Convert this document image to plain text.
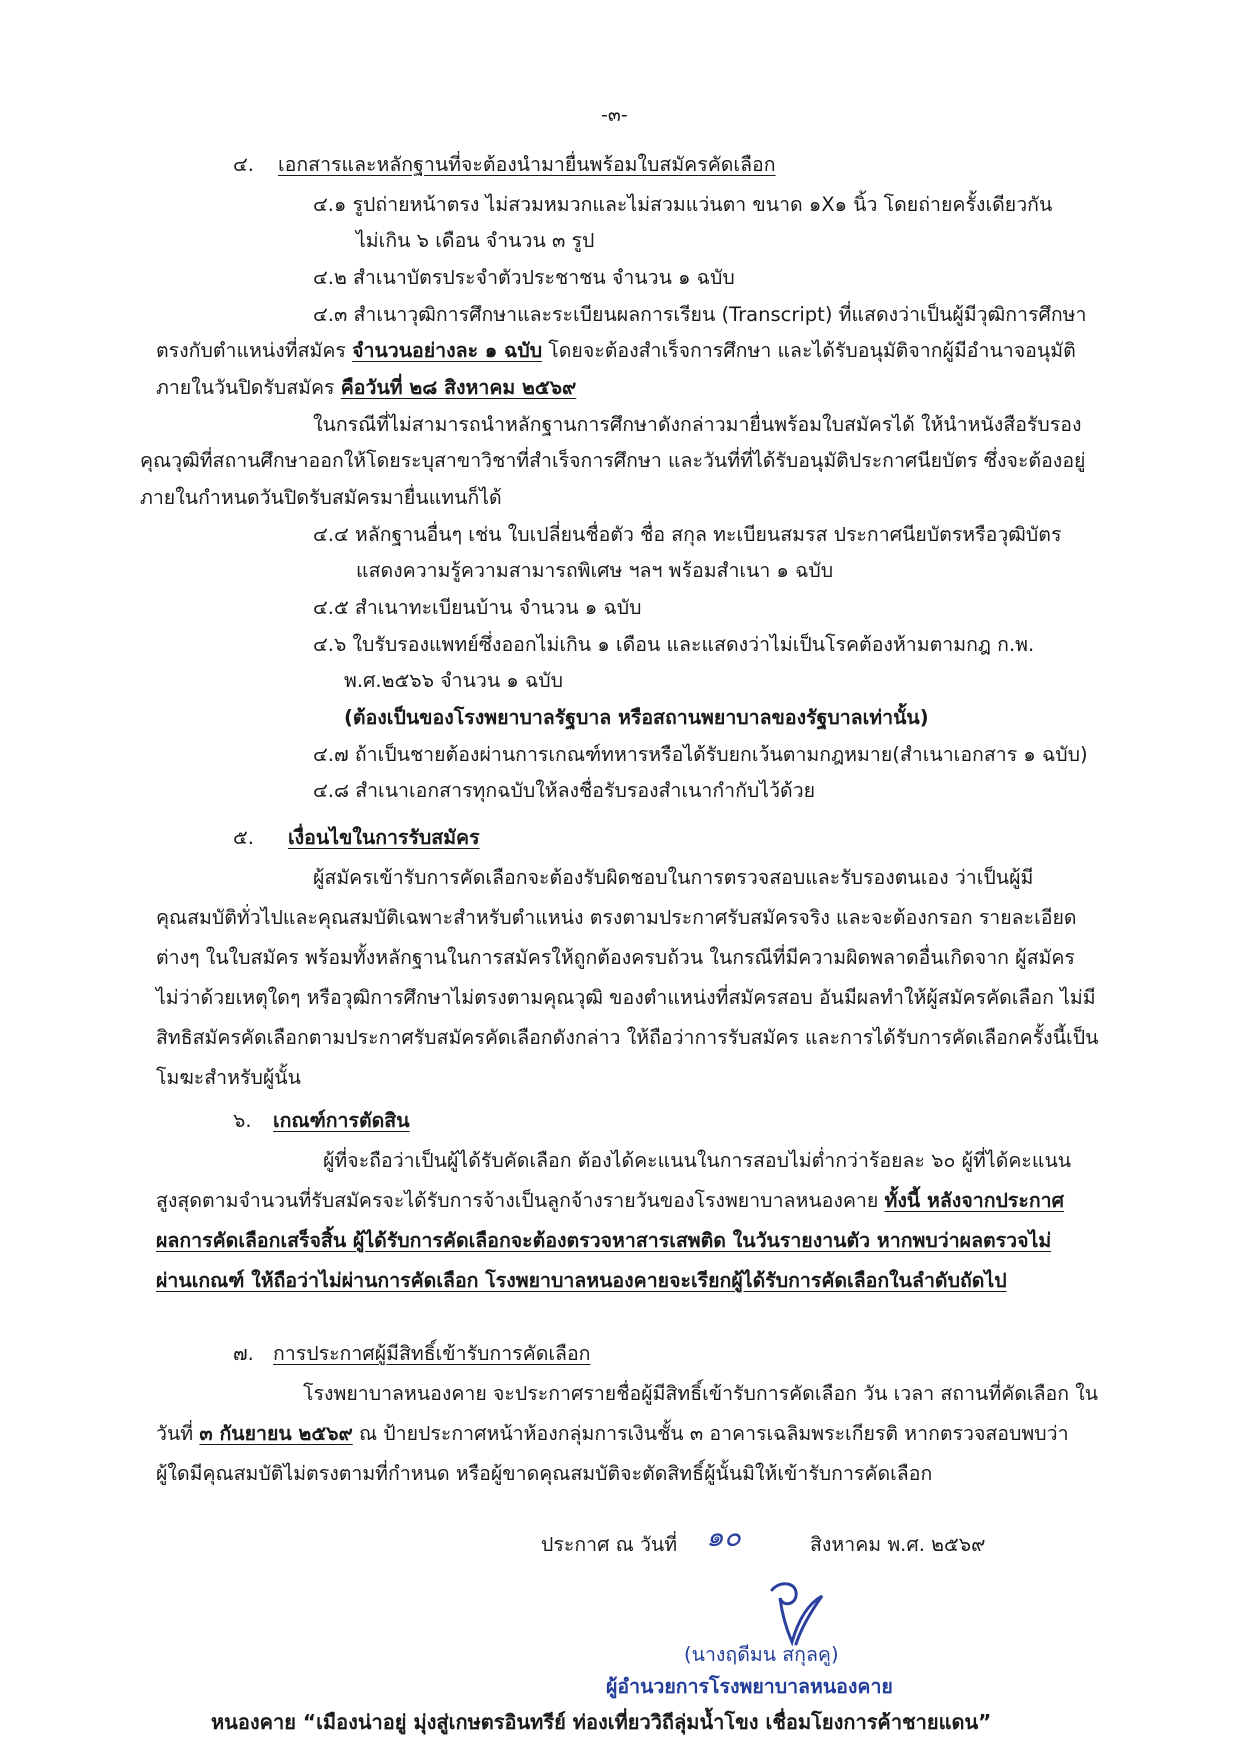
-๓-
๔. เอกสารและหลักฐานที่จะต้องนำมายื่นพร้อมใบสมัครคัดเลือก
๔.๑ รูปถ่ายหน้าตรง ไม่สวมหมวกและไม่สวมแว่นตา ขนาด ๑X๑ นิ้ว โดยถ่ายครั้งเดียวกัน
ไม่เกิน ๖ เดือน จำนวน ๓ รูป
๔.๒ สำเนาบัตรประจำตัวประชาชน จำนวน ๑ ฉบับ
๔.๓ สำเนาวุฒิการศึกษาและระเบียนผลการเรียน (Transcript) ที่แสดงว่าเป็นผู้มีวุฒิการศึกษา
ตรงกับตำแหน่งที่สมัคร จำนวนอย่างละ ๑ ฉบับ โดยจะต้องสำเร็จการศึกษา และได้รับอนุมัติจากผู้มีอำนาจอนุมัติ
ภายในวันปิดรับสมัคร คือวันที่ ๒๘ สิงหาคม ๒๕๖๙
ในกรณีที่ไม่สามารถนำหลักฐานการศึกษาดังกล่าวมายื่นพร้อมใบสมัครได้ ให้นำหนังสือรับรอง
คุณวุฒิที่สถานศึกษาออกให้โดยระบุสาขาวิชาที่สำเร็จการศึกษา และวันที่ที่ได้รับอนุมัติประกาศนียบัตร ซึ่งจะต้องอยู่
ภายในกำหนดวันปิดรับสมัครมายื่นแทนก็ได้
๔.๔ หลักฐานอื่นๆ เช่น ใบเปลี่ยนชื่อตัว ชื่อ สกุล ทะเบียนสมรส ประกาศนียบัตรหรือวุฒิบัตร
แสดงความรู้ความสามารถพิเศษ ฯลฯ พร้อมสำเนา ๑ ฉบับ
๔.๕ สำเนาทะเบียนบ้าน จำนวน ๑ ฉบับ
๔.๖ ใบรับรองแพทย์ซึ่งออกไม่เกิน ๑ เดือน และแสดงว่าไม่เป็นโรคต้องห้ามตามกฎ ก.พ.
พ.ศ.๒๕๖๖ จำนวน ๑ ฉบับ
(ต้องเป็นของโรงพยาบาลรัฐบาล หรือสถานพยาบาลของรัฐบาลเท่านั้น)
๔.๗ ถ้าเป็นชายต้องผ่านการเกณฑ์ทหารหรือได้รับยกเว้นตามกฎหมาย(สำเนาเอกสาร ๑ ฉบับ)
๔.๘ สำเนาเอกสารทุกฉบับให้ลงชื่อรับรองสำเนากำกับไว้ด้วย
๕. เงื่อนไขในการรับสมัคร
ผู้สมัครเข้ารับการคัดเลือกจะต้องรับผิดชอบในการตรวจสอบและรับรองตนเอง ว่าเป็นผู้มี
คุณสมบัติทั่วไปและคุณสมบัติเฉพาะสำหรับตำแหน่ง ตรงตามประกาศรับสมัครจริง และจะต้องกรอก รายละเอียด
ต่างๆ ในใบสมัคร พร้อมทั้งหลักฐานในการสมัครให้ถูกต้องครบถ้วน ในกรณีที่มีความผิดพลาดอื่นเกิดจาก ผู้สมัคร
ไม่ว่าด้วยเหตุใดๆ หรือวุฒิการศึกษาไม่ตรงตามคุณวุฒิ ของตำแหน่งที่สมัครสอบ อันมีผลทำให้ผู้สมัครคัดเลือก ไม่มี
สิทธิสมัครคัดเลือกตามประกาศรับสมัครคัดเลือกดังกล่าว ให้ถือว่าการรับสมัคร และการได้รับการคัดเลือกครั้งนี้เป็น
โมฆะสำหรับผู้นั้น
๖. เกณฑ์การตัดสิน
ผู้ที่จะถือว่าเป็นผู้ได้รับคัดเลือก ต้องได้คะแนนในการสอบไม่ต่ำกว่าร้อยละ ๖๐ ผู้ที่ได้คะแนน
สูงสุดตามจำนวนที่รับสมัครจะได้รับการจ้างเป็นลูกจ้างรายวันของโรงพยาบาลหนองคาย ทั้งนี้ หลังจากประกาศ
ผลการคัดเลือกเสร็จสิ้น ผู้ได้รับการคัดเลือกจะต้องตรวจหาสารเสพติด ในวันรายงานตัว หากพบว่าผลตรวจไม่
ผ่านเกณฑ์ ให้ถือว่าไม่ผ่านการคัดเลือก โรงพยาบาลหนองคายจะเรียกผู้ได้รับการคัดเลือกในลำดับถัดไป
๗. การประกาศผู้มีสิทธิ์เข้ารับการคัดเลือก
โรงพยาบาลหนองคาย จะประกาศรายชื่อผู้มีสิทธิ์เข้ารับการคัดเลือก วัน เวลา สถานที่คัดเลือก ใน
วันที่ ๓ กันยายน ๒๕๖๙ ณ ป้ายประกาศหน้าห้องกลุ่มการเงินชั้น ๓ อาคารเฉลิมพระเกียรติ หากตรวจสอบพบว่า
ผู้ใดมีคุณสมบัติไม่ตรงตามที่กำหนด หรือผู้ขาดคุณสมบัติจะตัดสิทธิ์ผู้นั้นมิให้เข้ารับการคัดเลือก
ประกาศ ณ วันที่ ๑๐	สิงหาคม พ.ศ. ๒๕๖๙
(นางฤดีมน สกุลคู)
ผู้อำนวยการโรงพยาบาลหนองคาย
หนองคาย “เมืองน่าอยู่ มุ่งสู่เกษตรอินทรีย์ ท่องเที่ยววิถีลุ่มน้ำโขง เชื่อมโยงการค้าชายแดน”
